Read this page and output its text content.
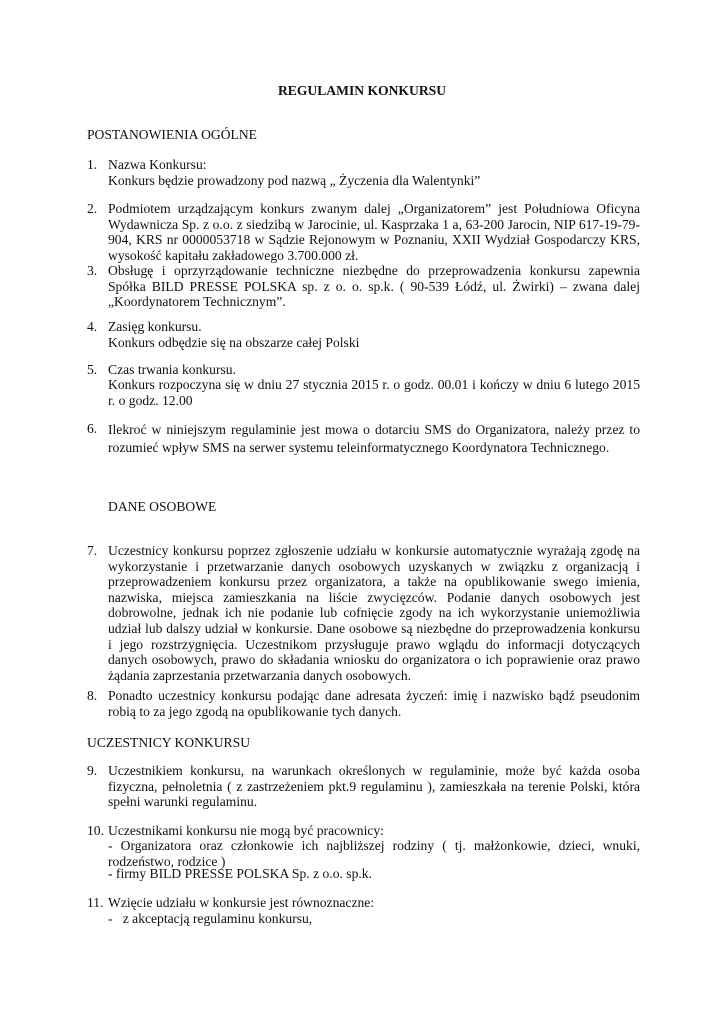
REGULAMIN KONKURSU
POSTANOWIENIA OGÓLNE
1. Nazwa Konkursu:
Konkurs będzie prowadzony pod nazwą „ Życzenia dla Walentynki”
2. Podmiotem urządzającym konkurs zwanym dalej „Organizatorem” jest Południowa Oficyna Wydawnicza Sp. z o.o. z siedzibą w Jarocinie, ul. Kasprzaka 1 a, 63-200 Jarocin, NIP 617-19-79-904, KRS nr 0000053718 w Sądzie Rejonowym w Poznaniu, XXII Wydział Gospodarczy KRS, wysokość kapitału zakładowego 3.700.000 zł.
3. Obsługę i oprzyrządowanie techniczne niezbędne do przeprowadzenia konkursu zapewnia Spółka BILD PRESSE POLSKA sp. z o. o. sp.k. ( 90-539 Łódź, ul. Żwirki) – zwana dalej „Koordynatorem Technicznym”.
4. Zasięg konkursu.
Konkurs odbędzie się na obszarze całej Polski
5. Czas trwania konkursu.
Konkurs rozpoczyna się w dniu 27 stycznia 2015 r. o godz. 00.01 i kończy w dniu 6 lutego 2015 r. o godz. 12.00
6. Ilekroć w niniejszym regulaminie jest mowa o dotarciu SMS do Organizatora, należy przez to rozumieć wpływ SMS na serwer systemu teleinformatycznego Koordynatora Technicznego.
DANE OSOBOWE
7. Uczestnicy konkursu poprzez zgłoszenie udziału w konkursie automatycznie wyrażają zgodę na wykorzystanie i przetwarzanie danych osobowych uzyskanych w związku z organizacją i przeprowadzeniem konkursu przez organizatora, a także na opublikowanie swego imienia, nazwiska, miejsca zamieszkania na liście zwycięzców. Podanie danych osobowych jest dobrowolne, jednak ich nie podanie lub cofnięcie zgody na ich wykorzystanie uniemożliwia udział lub dalszy udział w konkursie. Dane osobowe są niezbędne do przeprowadzenia konkursu i jego rozstrzygnięcia. Uczestnikom przysługuje prawo wglądu do informacji dotyczących danych osobowych, prawo do składania wniosku do organizatora o ich poprawienie oraz prawo żądania zaprzestania przetwarzania danych osobowych.
8. Ponadto uczestnicy konkursu podając dane adresata życzeń: imię i nazwisko bądź pseudonim robią to za jego zgodą na opublikowanie tych danych.
UCZESTNICY KONKURSU
9. Uczestnikiem konkursu, na warunkach określonych w regulaminie, może być każda osoba fizyczna, pełnoletnia ( z zastrzeżeniem pkt.9 regulaminu ), zamieszkała na terenie Polski, która spełni warunki regulaminu.
10. Uczestnikami konkursu nie mogą być pracownicy:
- Organizatora oraz członkowie ich najbliższej rodziny ( tj. małżonkowie, dzieci, wnuki, rodzeństwo, rodzice )
- firmy BILD PRESSE POLSKA Sp. z o.o. sp.k.
11. Wzięcie udziału w konkursie jest równoznaczne:
-   z akceptacją regulaminu konkursu,
